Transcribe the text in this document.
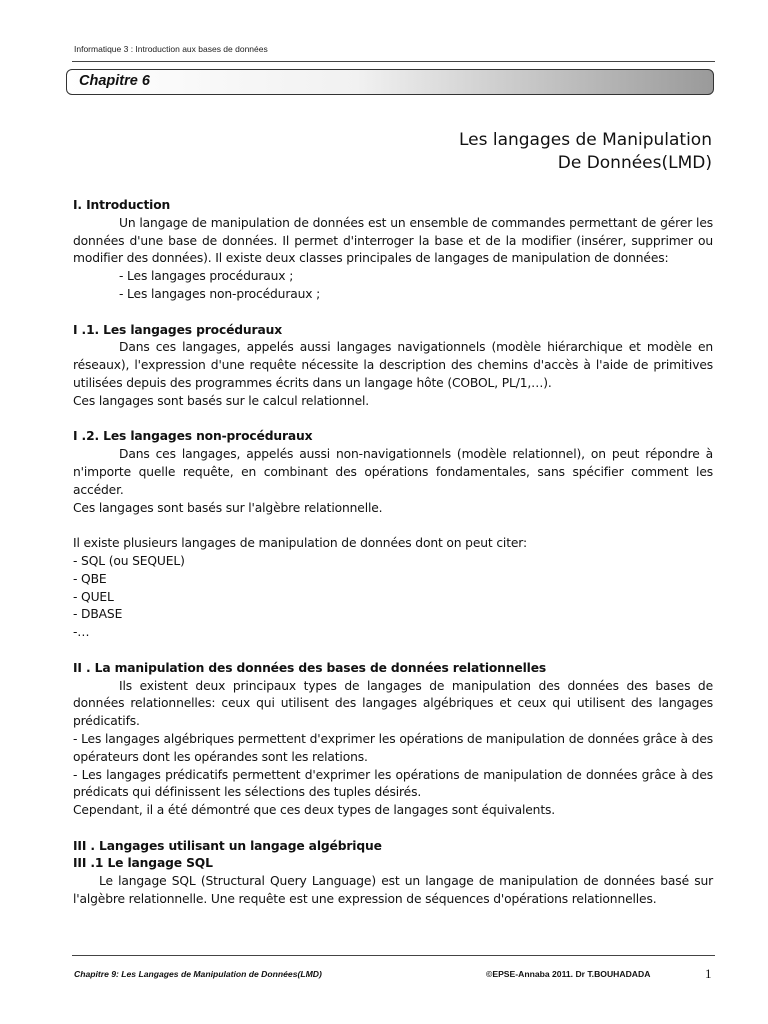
Informatique 3 : Introduction aux bases de données
Chapitre 6
Les langages de Manipulation
De Données(LMD)

I. Introduction

Un langage de manipulation de données est un ensemble de commandes permettant de gérer les données d'une base de données. Il permet d'interroger la base et de la modifier (insérer, supprimer ou modifier des données). Il existe deux classes principales de langages de manipulation de données:

- Les langages procéduraux ;

- Les langages non-procéduraux ;

I .1. Les langages procéduraux

Dans ces langages, appelés aussi langages navigationnels (modèle hiérarchique et modèle en réseaux), l'expression d'une requête nécessite la description des chemins d'accès à l'aide de primitives utilisées depuis des programmes écrits dans un langage hôte (COBOL, PL/1,…).

Ces langages sont basés sur le calcul relationnel.

I .2. Les langages non-procéduraux

Dans ces langages, appelés aussi non-navigationnels (modèle relationnel), on peut répondre à n'importe quelle requête, en combinant des opérations fondamentales, sans spécifier comment les accéder.

Ces langages sont basés sur l'algèbre relationnelle.

Il existe plusieurs langages de manipulation de données dont on peut citer:

- SQL (ou SEQUEL)

- QBE

- QUEL

- DBASE

-…

II . La manipulation des données des bases de données relationnelles

Ils existent deux principaux types de langages de manipulation des données des bases de données relationnelles: ceux qui utilisent des langages algébriques et ceux qui utilisent des langages prédicatifs.

- Les langages algébriques permettent d'exprimer les opérations de manipulation de données grâce à des opérateurs dont les opérandes sont les relations.

- Les langages prédicatifs permettent d'exprimer les opérations de manipulation de données grâce à des prédicats qui définissent les sélections des tuples désirés.

Cependant, il a été démontré que ces deux types de langages sont équivalents.

III . Langages utilisant un langage algébrique

III .1 Le langage SQL

Le langage SQL (Structural Query Language) est un langage de manipulation de données basé sur l'algèbre relationnelle. Une requête est une expression de séquences d'opérations relationnelles.

Chapitre 9: Les Langages de Manipulation de Données(LMD)	©EPSE-Annaba 2011. Dr T.BOUHADADA	1
